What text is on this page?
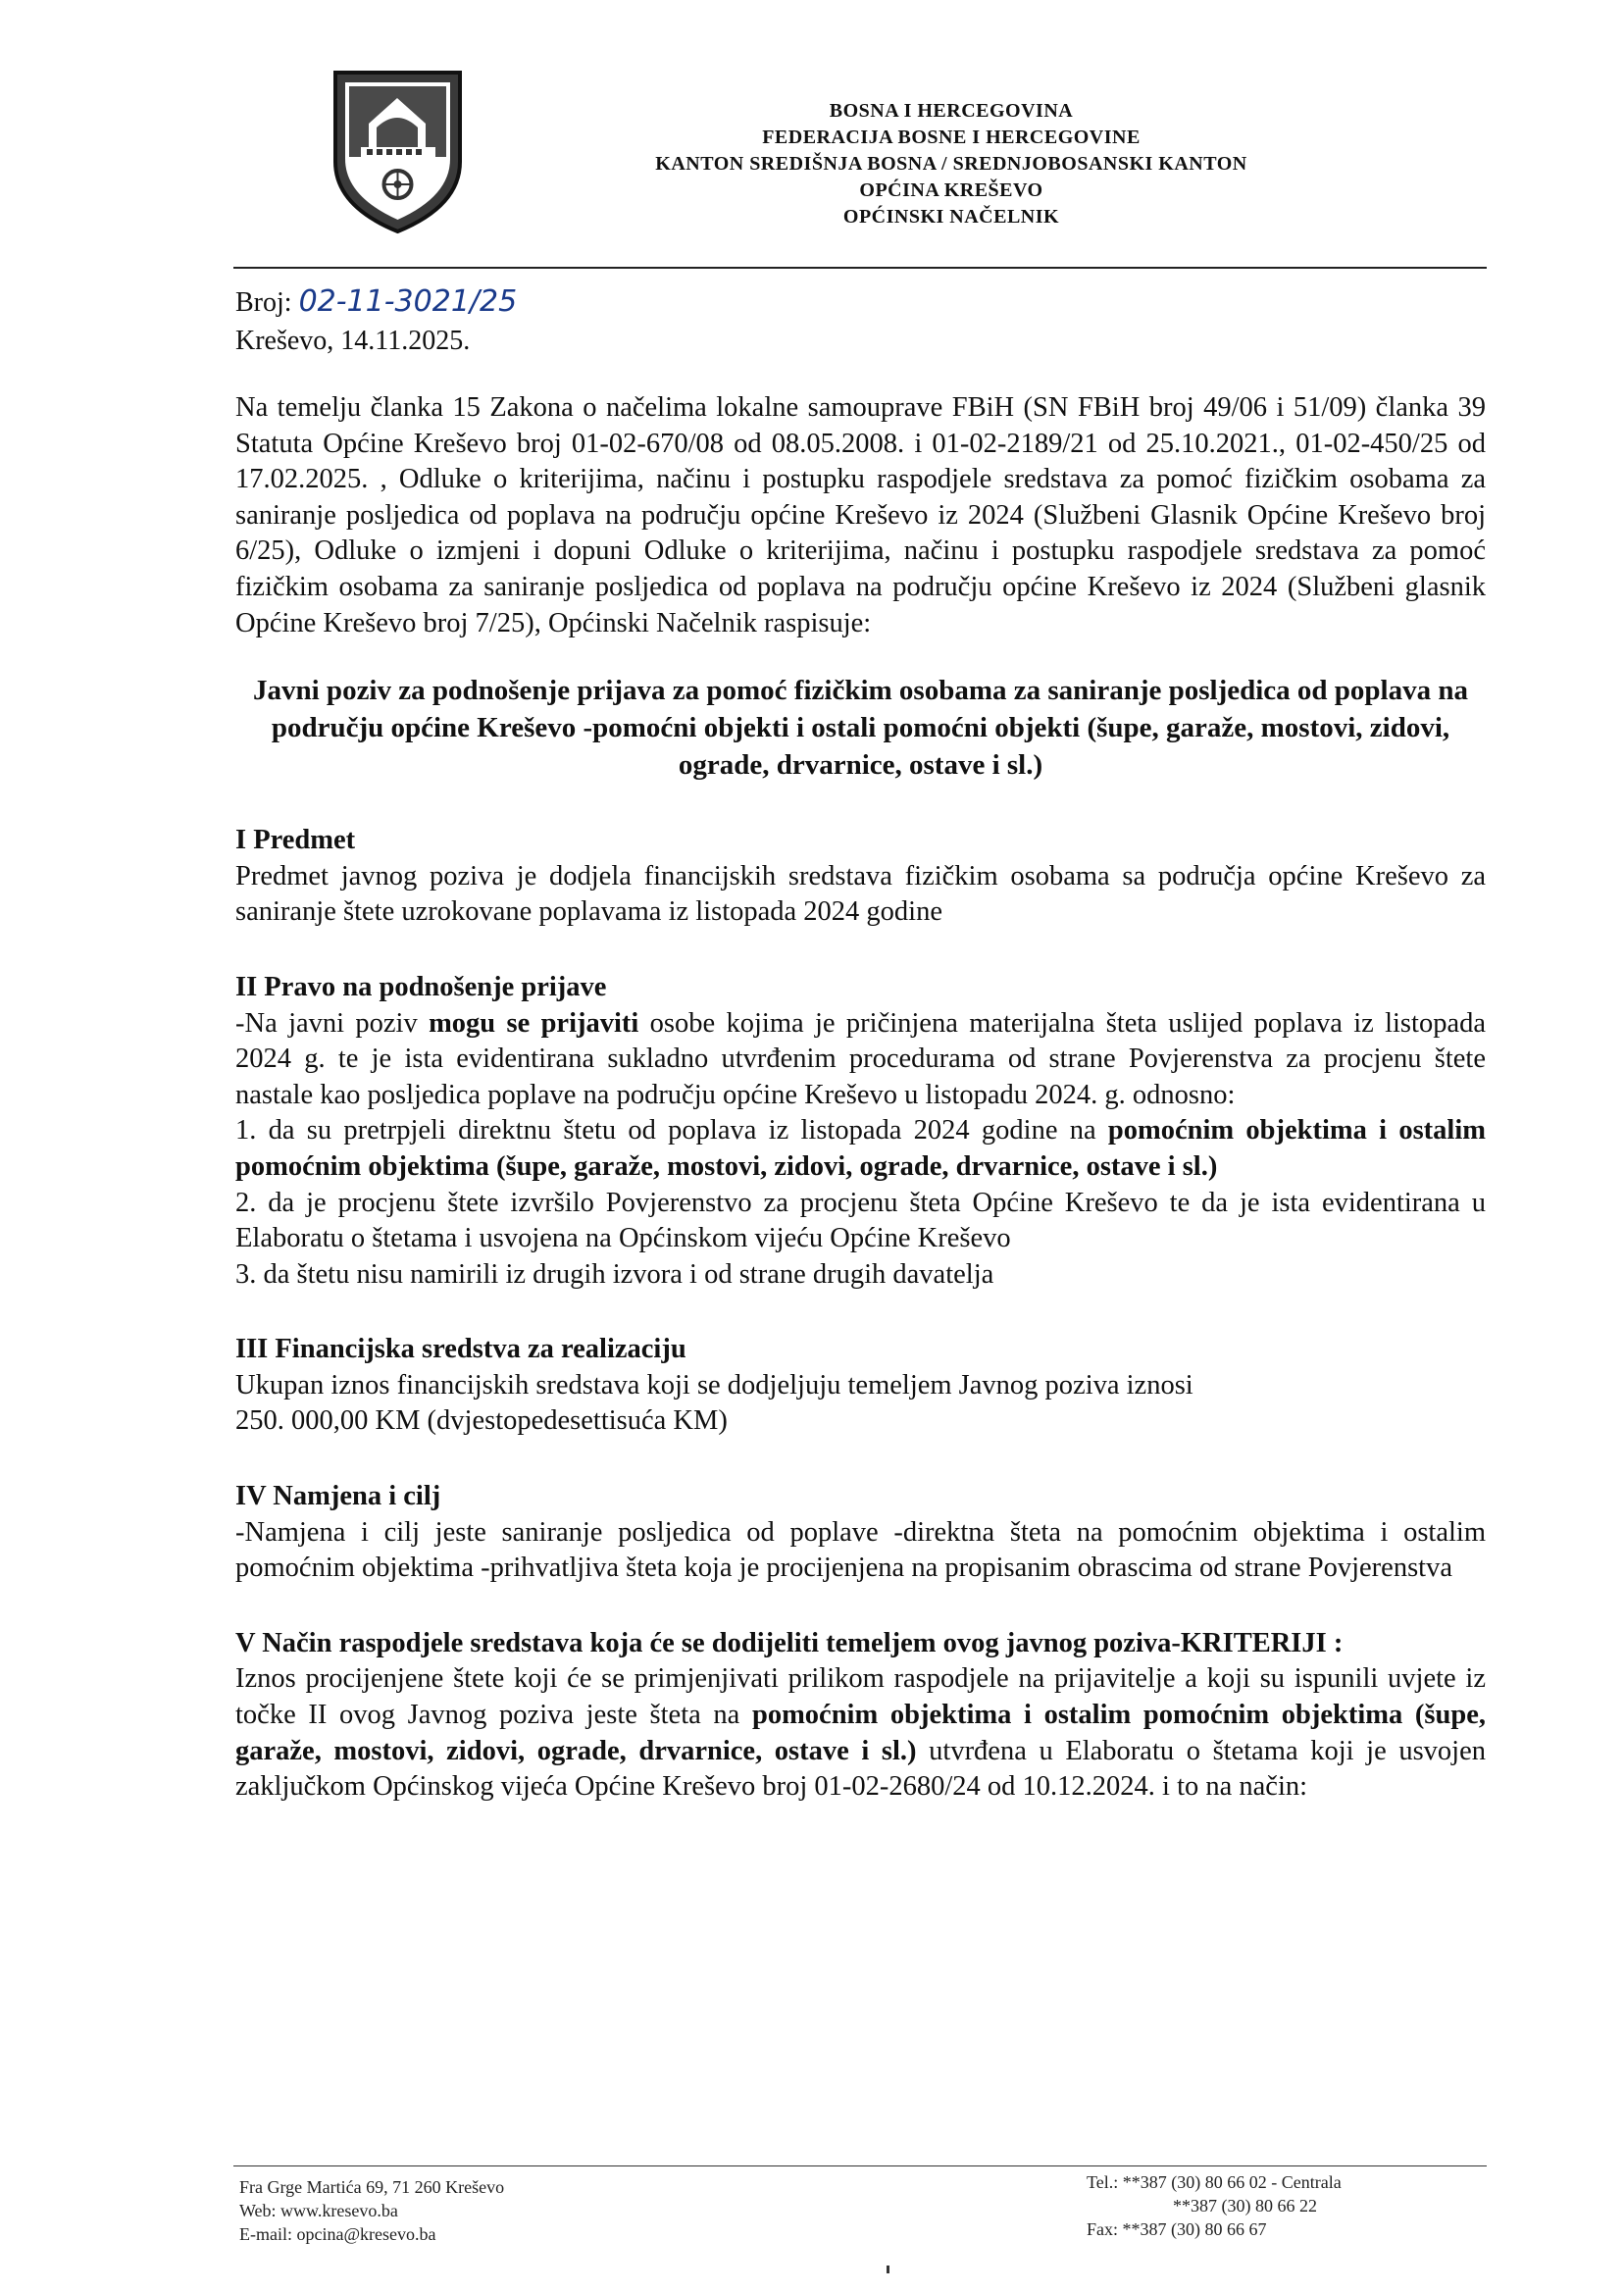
BOSNA I HERCEGOVINA
FEDERACIJA BOSNE I HERCEGOVINE
KANTON SREDIŠNJA BOSNA / SREDNJOBOSANSKI KANTON
OPĆINA KREŠEVO
OPĆINSKI NAČELNIK
Broj: 02-11-3021/25
Kreševo, 14.11.2025.

Na temelju članka 15 Zakona o načelima lokalne samouprave FBiH (SN FBiH broj 49/06 i 51/09) članka 39 Statuta Općine Kreševo broj 01-02-670/08 od 08.05.2008. i 01-02-2189/21 od 25.10.2021., 01-02-450/25 od 17.02.2025. , Odluke o kriterijima, načinu i postupku raspodjele sredstava za pomoć fizičkim osobama za saniranje posljedica od poplava na području općine Kreševo iz 2024 (Službeni Glasnik Općine Kreševo broj 6/25), Odluke o izmjeni i dopuni Odluke o kriterijima, načinu i postupku raspodjele sredstava za pomoć fizičkim osobama za saniranje posljedica od poplava na području općine Kreševo iz 2024 (Službeni glasnik Općine Kreševo broj 7/25), Općinski Načelnik raspisuje:

Javni poziv za podnošenje prijava za pomoć fizičkim osobama za saniranje posljedica od poplava na području općine Kreševo -pomoćni objekti i ostali pomoćni objekti (šupe, garaže, mostovi, zidovi, ograde, drvarnice, ostave i sl.)

I Predmet

Predmet javnog poziva je dodjela financijskih sredstava fizičkim osobama sa područja općine Kreševo za saniranje štete uzrokovane poplavama iz listopada 2024 godine

II Pravo na podnošenje prijave

-Na javni poziv mogu se prijaviti osobe kojima je pričinjena materijalna šteta uslijed poplava iz listopada 2024 g. te je ista evidentirana sukladno utvrđenim procedurama od strane Povjerenstva za procjenu štete nastale kao posljedica poplave na području općine Kreševo u listopadu 2024. g. odnosno:

1. da su pretrpjeli direktnu štetu od poplava iz listopada 2024 godine na pomoćnim objektima i ostalim pomoćnim objektima (šupe, garaže, mostovi, zidovi, ograde, drvarnice, ostave i sl.)

2. da je procjenu štete izvršilo Povjerenstvo za procjenu šteta Općine Kreševo te da je ista evidentirana u Elaboratu o štetama i usvojena na Općinskom vijeću Općine Kreševo

3. da štetu nisu namirili iz drugih izvora i od strane drugih davatelja

III Financijska sredstva za realizaciju

Ukupan iznos financijskih sredstava koji se dodjeljuju temeljem Javnog poziva iznosi

250. 000,00 KM (dvjestopedesettisuća KM)

IV Namjena i cilj

-Namjena i cilj jeste saniranje posljedica od poplave -direktna šteta na pomoćnim objektima i ostalim pomoćnim objektima -prihvatljiva šteta koja je procijenjena na propisanim obrascima od strane Povjerenstva

V Način raspodjele sredstava koja će se dodijeliti temeljem ovog javnog poziva-KRITERIJI :

Iznos procijenjene štete koji će se primjenjivati prilikom raspodjele na prijavitelje a koji su ispunili uvjete iz točke II ovog Javnog poziva jeste šteta na pomoćnim objektima i ostalim pomoćnim objektima (šupe, garaže, mostovi, zidovi, ograde, drvarnice, ostave i sl.) utvrđena u Elaboratu o štetama koji je usvojen zaključkom Općinskog vijeća Općine Kreševo broj 01-02-2680/24 od 10.12.2024. i to na način:

Fra Grge Martića 69, 71 260 Kreševo
Web: www.kresevo.ba
E-mail: opcina@kresevo.ba
Tel.: **387 (30) 80 66 02 - Centrala
**387 (30) 80 66 22
Fax: **387 (30) 80 66 67
